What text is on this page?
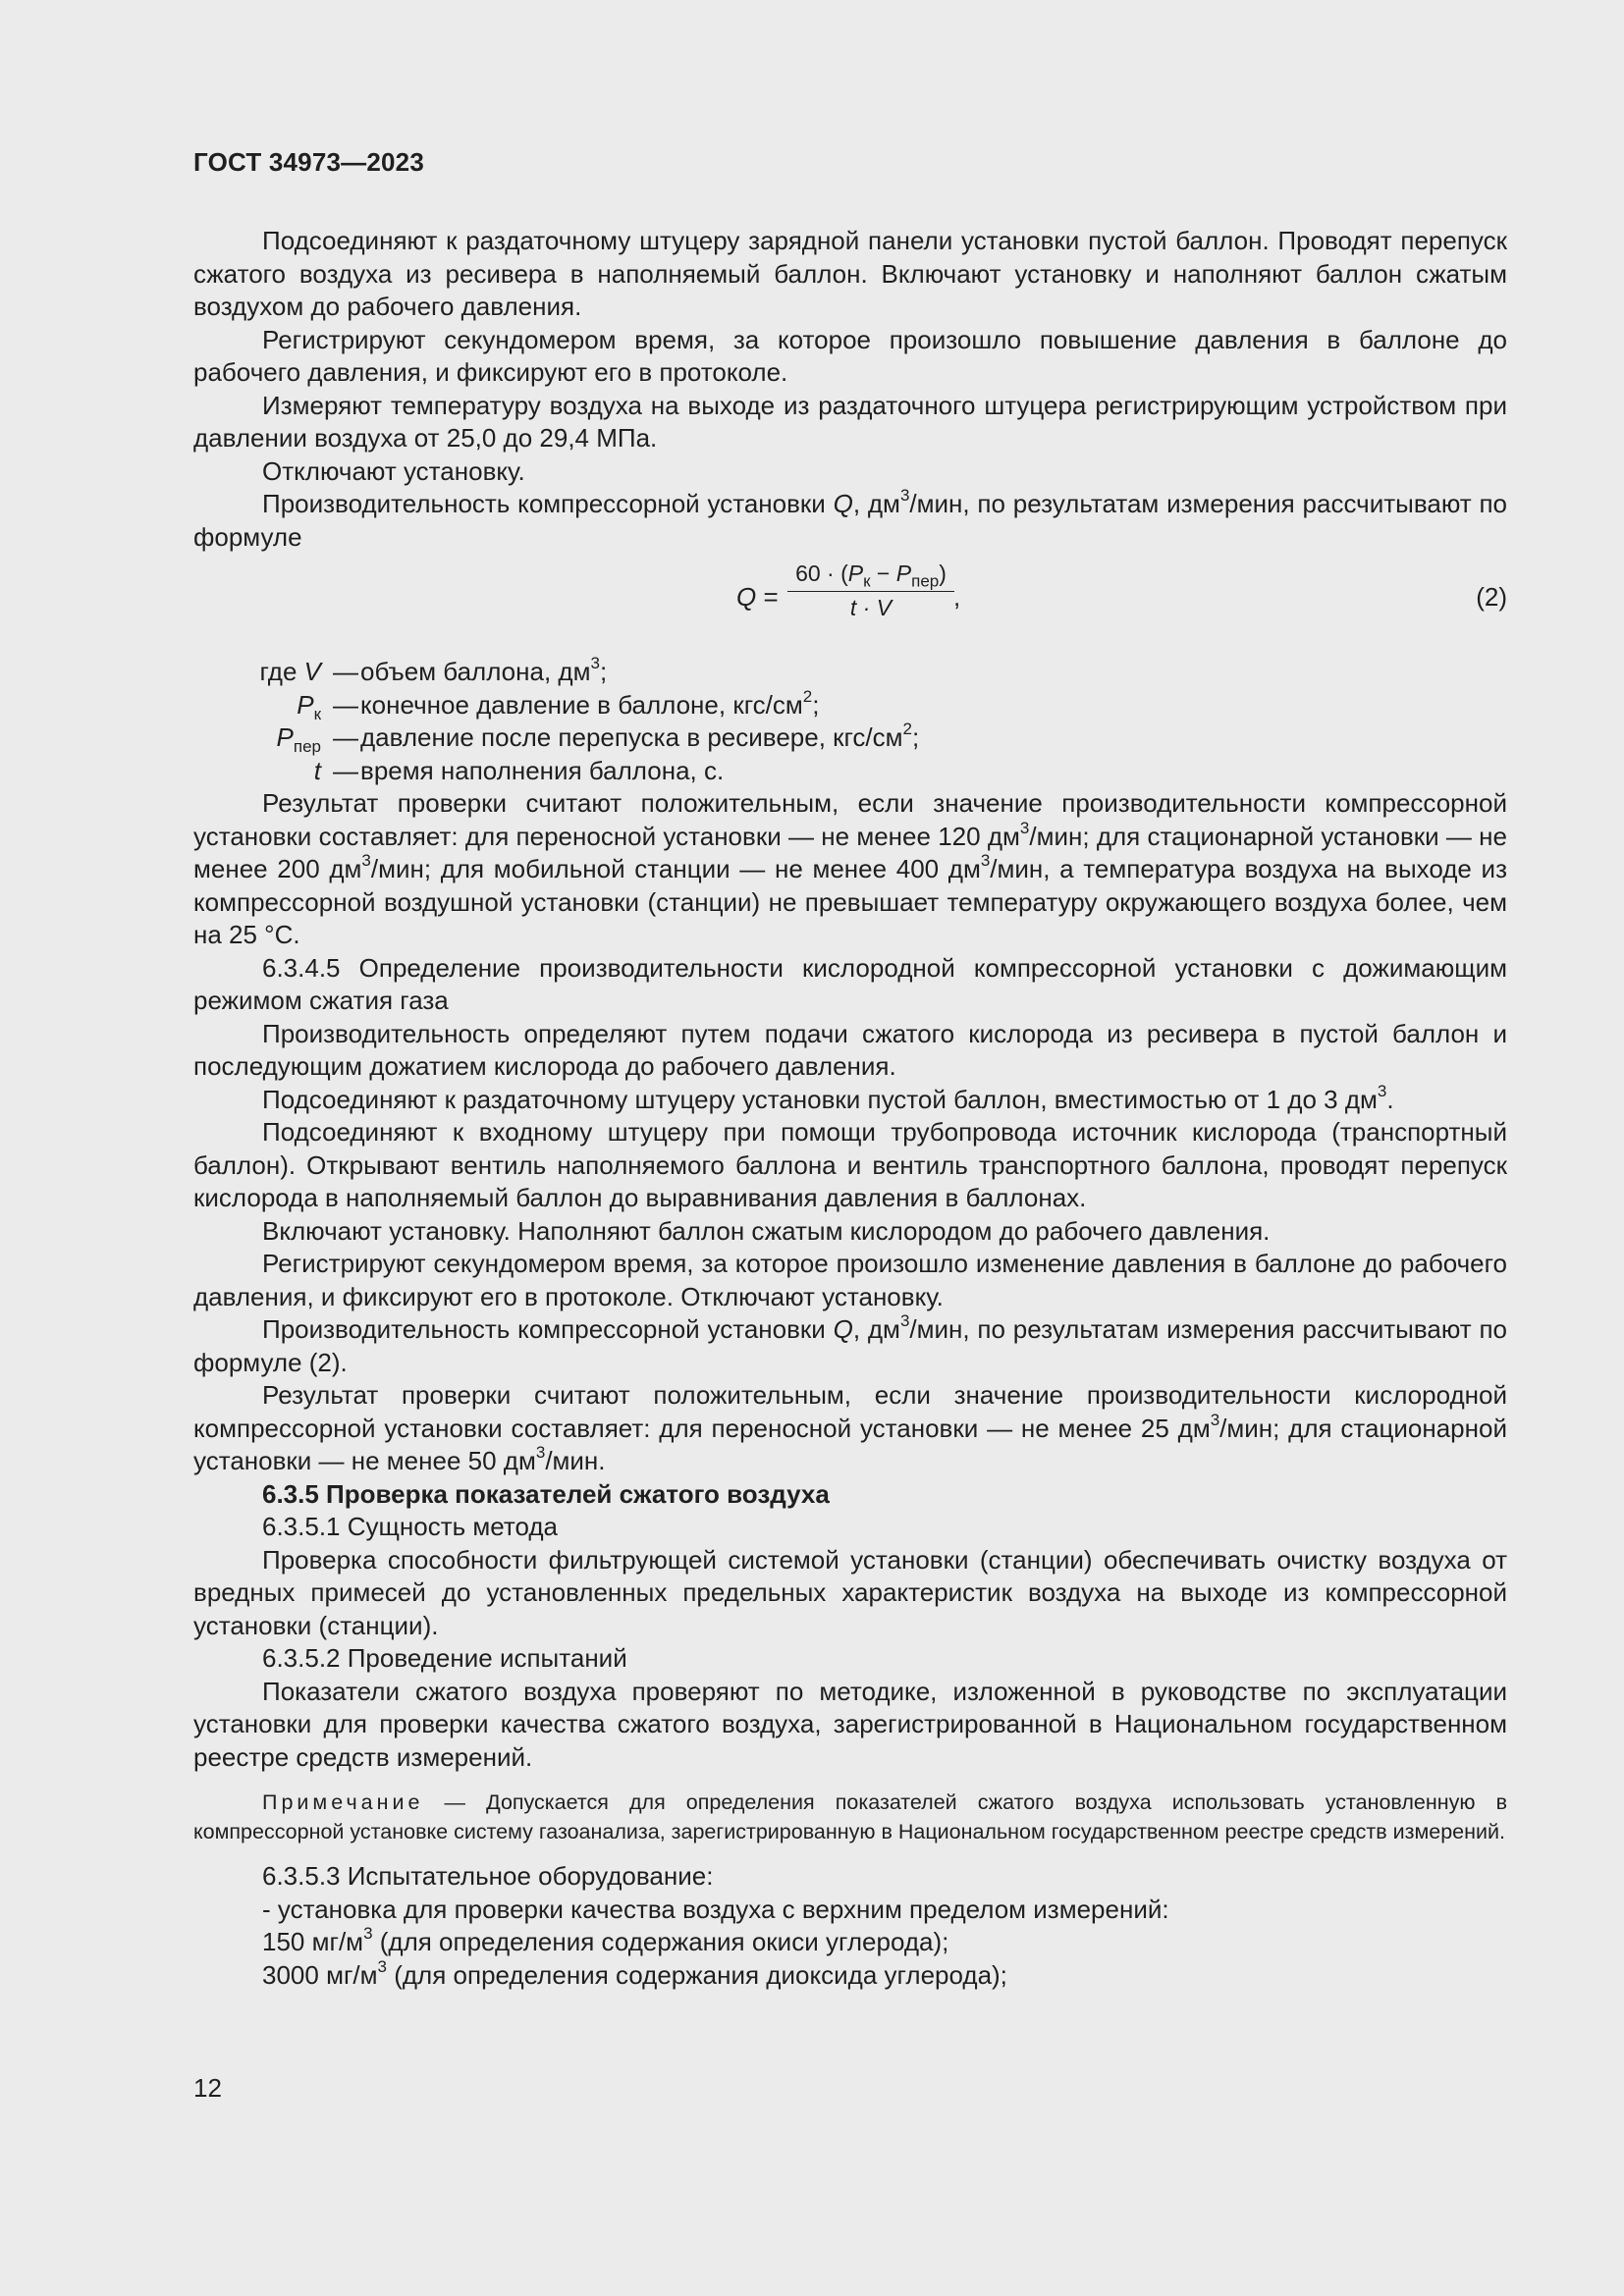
ГОСТ 34973—2023

Подсоединяют к раздаточному штуцеру зарядной панели установки пустой баллон. Проводят перепуск сжатого воздуха из ресивера в наполняемый баллон. Включают установку и наполняют баллон сжатым воздухом до рабочего давления.

Регистрируют секундомером время, за которое произошло повышение давления в баллоне до рабочего давления, и фиксируют его в протоколе.

Измеряют температуру воздуха на выходе из раздаточного штуцера регистрирующим устройством при давлении воздуха от 25,0 до 29,4 МПа.

Отключают установку.

Производительность компрессорной установки Q, $дм^3$/мин, по результатам измерения рассчитывают по формуле

Q =
$60 \cdot (P_к - P_{пер})$
t · V	,	(2)
где V — объем баллона, $дм^3$;
$P_к$ — конечное давление в баллоне, кгс/$см^2$;
$P_{пер}$ — давление после перепуска в ресивере, кгс/$см^2$;
t — время наполнения баллона, с.

Результат проверки считают положительным, если значение производительности компрессорной установки составляет: для переносной установки — не менее 120 $дм^3$/мин; для стационарной установки — не менее 200 $дм^3$/мин; для мобильной станции — не менее 400 $дм^3$/мин, а температура воздуха на выходе из компрессорной воздушной установки (станции) не превышает температуру окружающего воздуха более, чем на 25 °С.

6.3.4.5 Определение производительности кислородной компрессорной установки с дожимающим режимом сжатия газа

Производительность определяют путем подачи сжатого кислорода из ресивера в пустой баллон и последующим дожатием кислорода до рабочего давления.

Подсоединяют к раздаточному штуцеру установки пустой баллон, вместимостью от 1 до 3 $дм^3$.

Подсоединяют к входному штуцеру при помощи трубопровода источник кислорода (транспортный баллон). Открывают вентиль наполняемого баллона и вентиль транспортного баллона, проводят перепуск кислорода в наполняемый баллон до выравнивания давления в баллонах.

Включают установку. Наполняют баллон сжатым кислородом до рабочего давления.

Регистрируют секундомером время, за которое произошло изменение давления в баллоне до рабочего давления, и фиксируют его в протоколе. Отключают установку.

Производительность компрессорной установки Q, $дм^3$/мин, по результатам измерения рассчитывают по формуле (2).

Результат проверки считают положительным, если значение производительности кислородной компрессорной установки составляет: для переносной установки — не менее 25 $дм^3$/мин; для стационарной установки — не менее 50 $дм^3$/мин.

6.3.5 Проверка показателей сжатого воздуха

6.3.5.1 Сущность метода

Проверка способности фильтрующей системой установки (станции) обеспечивать очистку воздуха от вредных примесей до установленных предельных характеристик воздуха на выходе из компрессорной установки (станции).

6.3.5.2 Проведение испытаний

Показатели сжатого воздуха проверяют по методике, изложенной в руководстве по эксплуатации установки для проверки качества сжатого воздуха, зарегистрированной в Национальном государственном реестре средств измерений.

Примечание — Допускается для определения показателей сжатого воздуха использовать установленную в компрессорной установке систему газоанализа, зарегистрированную в Национальном государственном реестре средств измерений.

6.3.5.3 Испытательное оборудование:

- установка для проверки качества воздуха с верхним пределом измерений:

150 $мг/м^3$ (для определения содержания окиси углерода);

3000 $мг/м^3$ (для определения содержания диоксида углерода);

12
